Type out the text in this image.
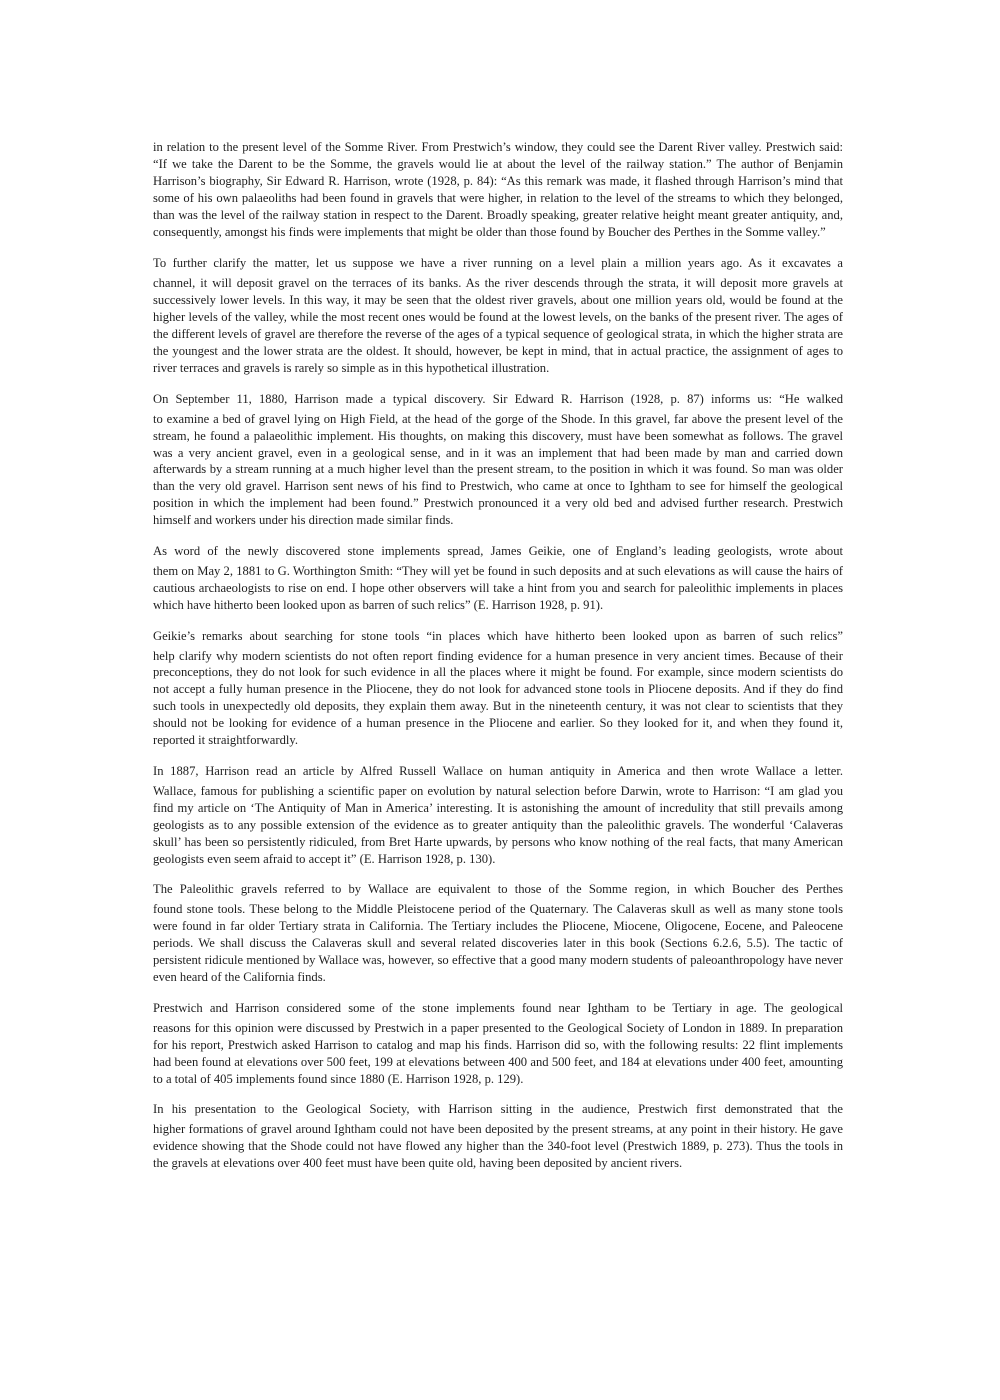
in relation to the present level of the Somme River. From Prestwich’s window, they could see the Darent River valley. Prestwich said: “If we take the Darent to be the Somme, the gravels would lie at about the level of the railway station.” The author of Benjamin Harrison’s biography, Sir Edward R. Harrison, wrote (1928, p. 84): “As this remark was made, it flashed through Harrison’s mind that some of his own palaeoliths had been found in gravels that were higher, in relation to the level of the streams to which they belonged, than was the level of the railway station in respect to the Darent. Broadly speaking, greater relative height meant greater antiquity, and, consequently, amongst his finds were implements that might be older than those found by Boucher des Perthes in the Somme valley.”

To further clarify the matter, let us suppose we have a river running on a level plain a million years ago. As it excavates a
channel, it will deposit gravel on the terraces of its banks. As the river descends through the strata, it will deposit more gravels at successively lower levels. In this way, it may be seen that the oldest river gravels, about one million years old, would be found at the higher levels of the valley, while the most recent ones would be found at the lowest levels, on the banks of the present river. The ages of the different levels of gravel are therefore the reverse of the ages of a typical sequence of geological strata, in which the higher strata are the youngest and the lower strata are the oldest. It should, however, be kept in mind, that in actual practice, the assignment of ages to river terraces and gravels is rarely so simple as in this hypothetical illustration.

On September 11, 1880, Harrison made a typical discovery. Sir Edward R. Harrison (1928, p. 87) informs us: “He walked
to examine a bed of gravel lying on High Field, at the head of the gorge of the Shode. In this gravel, far above the present level of the stream, he found a palaeolithic implement. His thoughts, on making this discovery, must have been somewhat as follows. The gravel was a very ancient gravel, even in a geological sense, and in it was an implement that had been made by man and carried down afterwards by a stream running at a much higher level than the present stream, to the position in which it was found. So man was older than the very old gravel. Harrison sent news of his find to Prestwich, who came at once to Ightham to see for himself the geological position in which the implement had been found.” Prestwich pronounced it a very old bed and advised further research. Prestwich himself and workers under his direction made similar finds.

As word of the newly discovered stone implements spread, James Geikie, one of England’s leading geologists, wrote about
them on May 2, 1881 to G. Worthington Smith: “They will yet be found in such deposits and at such elevations as will cause the hairs of cautious archaeologists to rise on end. I hope other observers will take a hint from you and search for paleolithic implements in places which have hitherto been looked upon as barren of such relics” (E. Harrison 1928, p. 91).

Geikie’s remarks about searching for stone tools “in places which have hitherto been looked upon as barren of such relics”
help clarify why modern scientists do not often report finding evidence for a human presence in very ancient times. Because of their preconceptions, they do not look for such evidence in all the places where it might be found. For example, since modern scientists do not accept a fully human presence in the Pliocene, they do not look for advanced stone tools in Pliocene deposits. And if they do find such tools in unexpectedly old deposits, they explain them away. But in the nineteenth century, it was not clear to scientists that they should not be looking for evidence of a human presence in the Pliocene and earlier. So they looked for it, and when they found it, reported it straightforwardly.

In 1887, Harrison read an article by Alfred Russell Wallace on human antiquity in America and then wrote Wallace a letter.
Wallace, famous for publishing a scientific paper on evolution by natural selection before Darwin, wrote to Harrison: “I am glad you find my article on ‘The Antiquity of Man in America’ interesting. It is astonishing the amount of incredulity that still prevails among geologists as to any possible extension of the evidence as to greater antiquity than the paleolithic gravels. The wonderful ‘Calaveras skull’ has been so persistently ridiculed, from Bret Harte upwards, by persons who know nothing of the real facts, that many American geologists even seem afraid to accept it” (E. Harrison 1928, p. 130).

The Paleolithic gravels referred to by Wallace are equivalent to those of the Somme region, in which Boucher des Perthes
found stone tools. These belong to the Middle Pleistocene period of the Quaternary. The Calaveras skull as well as many stone tools were found in far older Tertiary strata in California. The Tertiary includes the Pliocene, Miocene, Oligocene, Eocene, and Paleocene periods. We shall discuss the Calaveras skull and several related discoveries later in this book (Sections 6.2.6, 5.5). The tactic of persistent ridicule mentioned by Wallace was, however, so effective that a good many modern students of paleoanthropology have never even heard of the California finds.

Prestwich and Harrison considered some of the stone implements found near Ightham to be Tertiary in age. The geological
reasons for this opinion were discussed by Prestwich in a paper presented to the Geological Society of London in 1889. In preparation for his report, Prestwich asked Harrison to catalog and map his finds. Harrison did so, with the following results: 22 flint implements had been found at elevations over 500 feet, 199 at elevations between 400 and 500 feet, and 184 at elevations under 400 feet, amounting to a total of 405 implements found since 1880 (E. Harrison 1928, p. 129).

In his presentation to the Geological Society, with Harrison sitting in the audience, Prestwich first demonstrated that the
higher formations of gravel around Ightham could not have been deposited by the present streams, at any point in their history. He gave evidence showing that the Shode could not have flowed any higher than the 340-foot level (Prestwich 1889, p. 273). Thus the tools in the gravels at elevations over 400 feet must have been quite old, having been deposited by ancient rivers.
